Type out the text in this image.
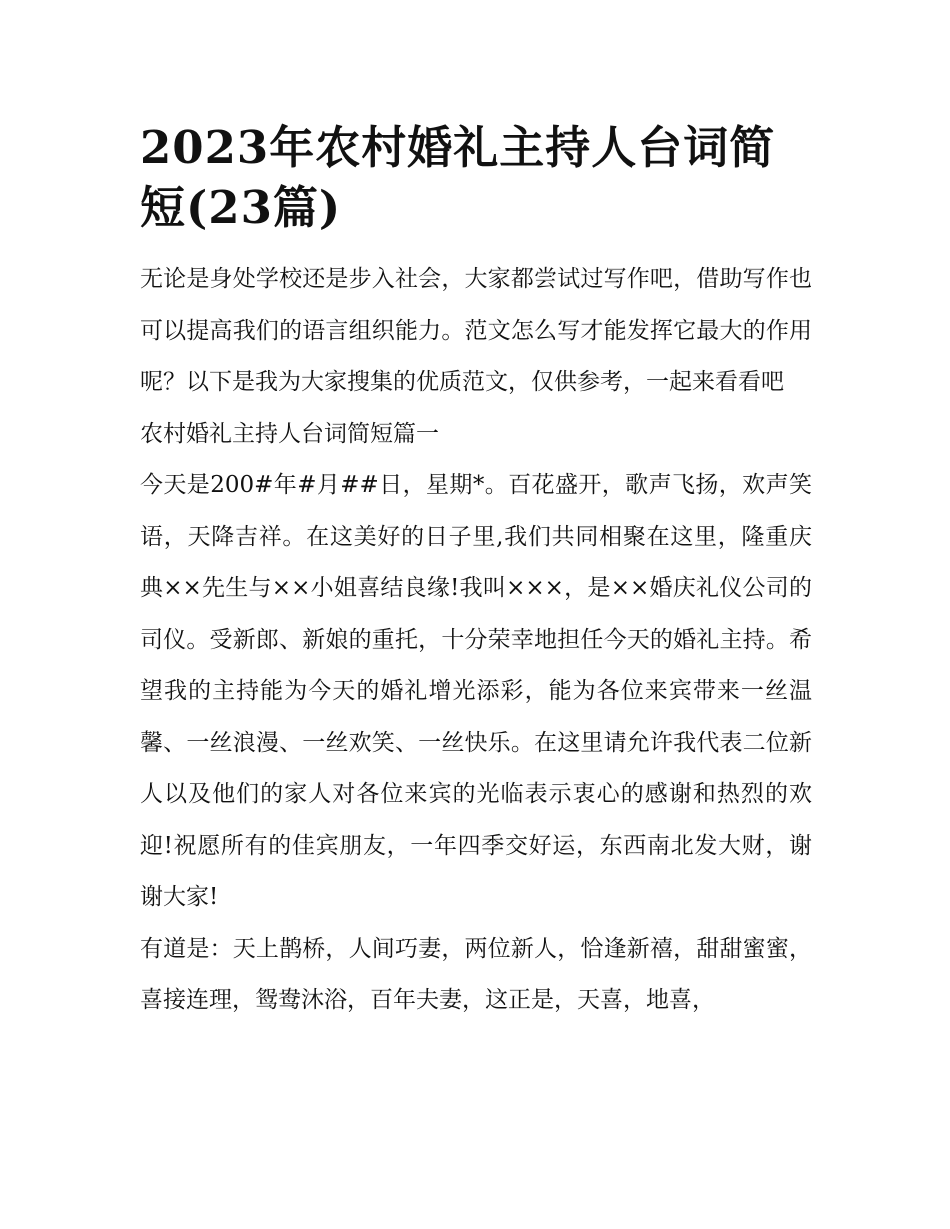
2023年农村婚礼主持人台词简短(23篇)

无论是身处学校还是步入社会，大家都尝试过写作吧，借助写作也可以提高我们的语言组织能力。范文怎么写才能发挥它最大的作用呢？以下是我为大家搜集的优质范文，仅供参考，一起来看看吧

农村婚礼主持人台词简短篇一

今天是200#年#月##日，星期*。百花盛开，歌声飞扬，欢声笑语，天降吉祥。在这美好的日子里,我们共同相聚在这里，隆重庆典××先生与××小姐喜结良缘!我叫×××，是××婚庆礼仪公司的司仪。受新郎、新娘的重托，十分荣幸地担任今天的婚礼主持。希望我的主持能为今天的婚礼增光添彩，能为各位来宾带来一丝温馨、一丝浪漫、一丝欢笑、一丝快乐。在这里请允许我代表二位新人以及他们的家人对各位来宾的光临表示衷心的感谢和热烈的欢迎!祝愿所有的佳宾朋友，一年四季交好运，东西南北发大财，谢谢大家!

有道是：天上鹊桥，人间巧妻，两位新人，恰逢新禧，甜甜蜜蜜，喜接连理，鸳鸯沐浴，百年夫妻，这正是，天喜，地喜，
